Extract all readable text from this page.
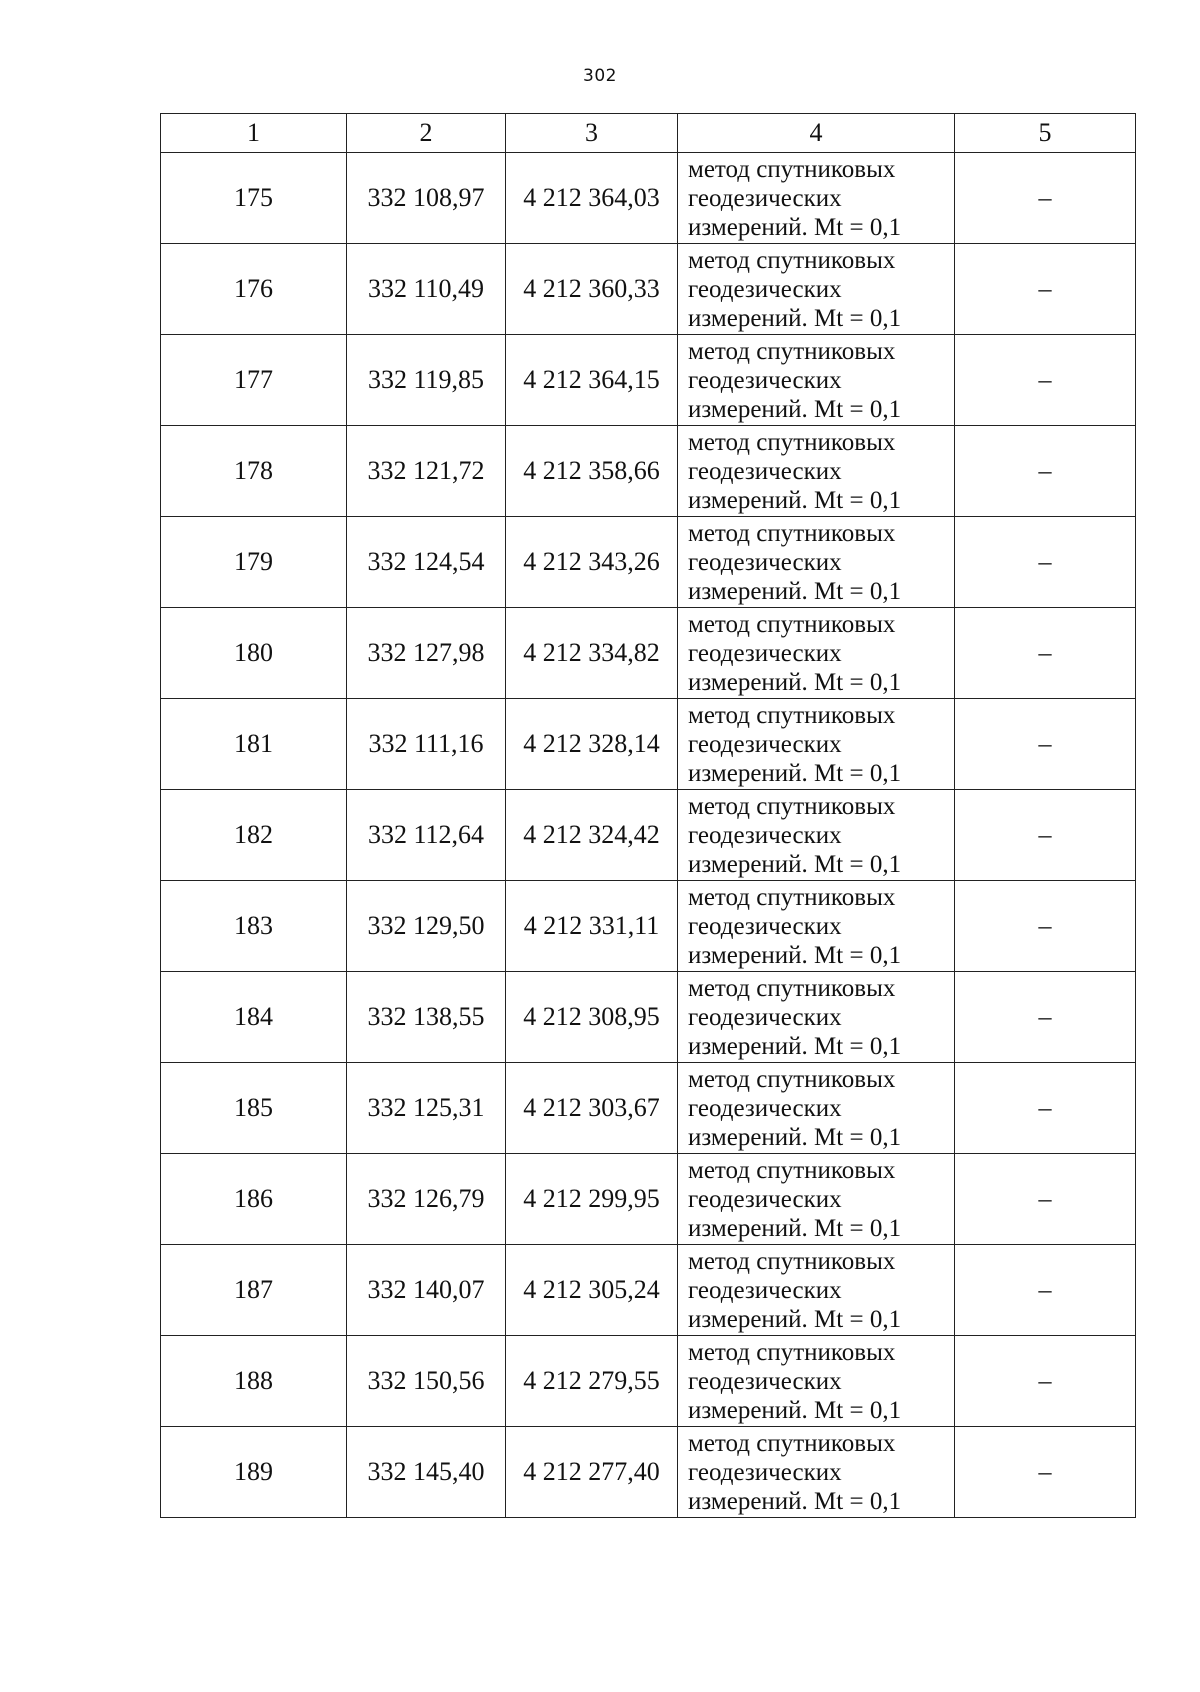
302
1	2	3	4	5
175	332 108,97	4 212 364,03	метод спутниковых
геодезических
измерений. Mt = 0,1	–
176	332 110,49	4 212 360,33	метод спутниковых
геодезических
измерений. Mt = 0,1	–
177	332 119,85	4 212 364,15	метод спутниковых
геодезических
измерений. Mt = 0,1	–
178	332 121,72	4 212 358,66	метод спутниковых
геодезических
измерений. Mt = 0,1	–
179	332 124,54	4 212 343,26	метод спутниковых
геодезических
измерений. Mt = 0,1	–
180	332 127,98	4 212 334,82	метод спутниковых
геодезических
измерений. Mt = 0,1	–
181	332 111,16	4 212 328,14	метод спутниковых
геодезических
измерений. Mt = 0,1	–
182	332 112,64	4 212 324,42	метод спутниковых
геодезических
измерений. Mt = 0,1	–
183	332 129,50	4 212 331,11	метод спутниковых
геодезических
измерений. Mt = 0,1	–
184	332 138,55	4 212 308,95	метод спутниковых
геодезических
измерений. Mt = 0,1	–
185	332 125,31	4 212 303,67	метод спутниковых
геодезических
измерений. Mt = 0,1	–
186	332 126,79	4 212 299,95	метод спутниковых
геодезических
измерений. Mt = 0,1	–
187	332 140,07	4 212 305,24	метод спутниковых
геодезических
измерений. Mt = 0,1	–
188	332 150,56	4 212 279,55	метод спутниковых
геодезических
измерений. Mt = 0,1	–
189	332 145,40	4 212 277,40	метод спутниковых
геодезических
измерений. Mt = 0,1	–
